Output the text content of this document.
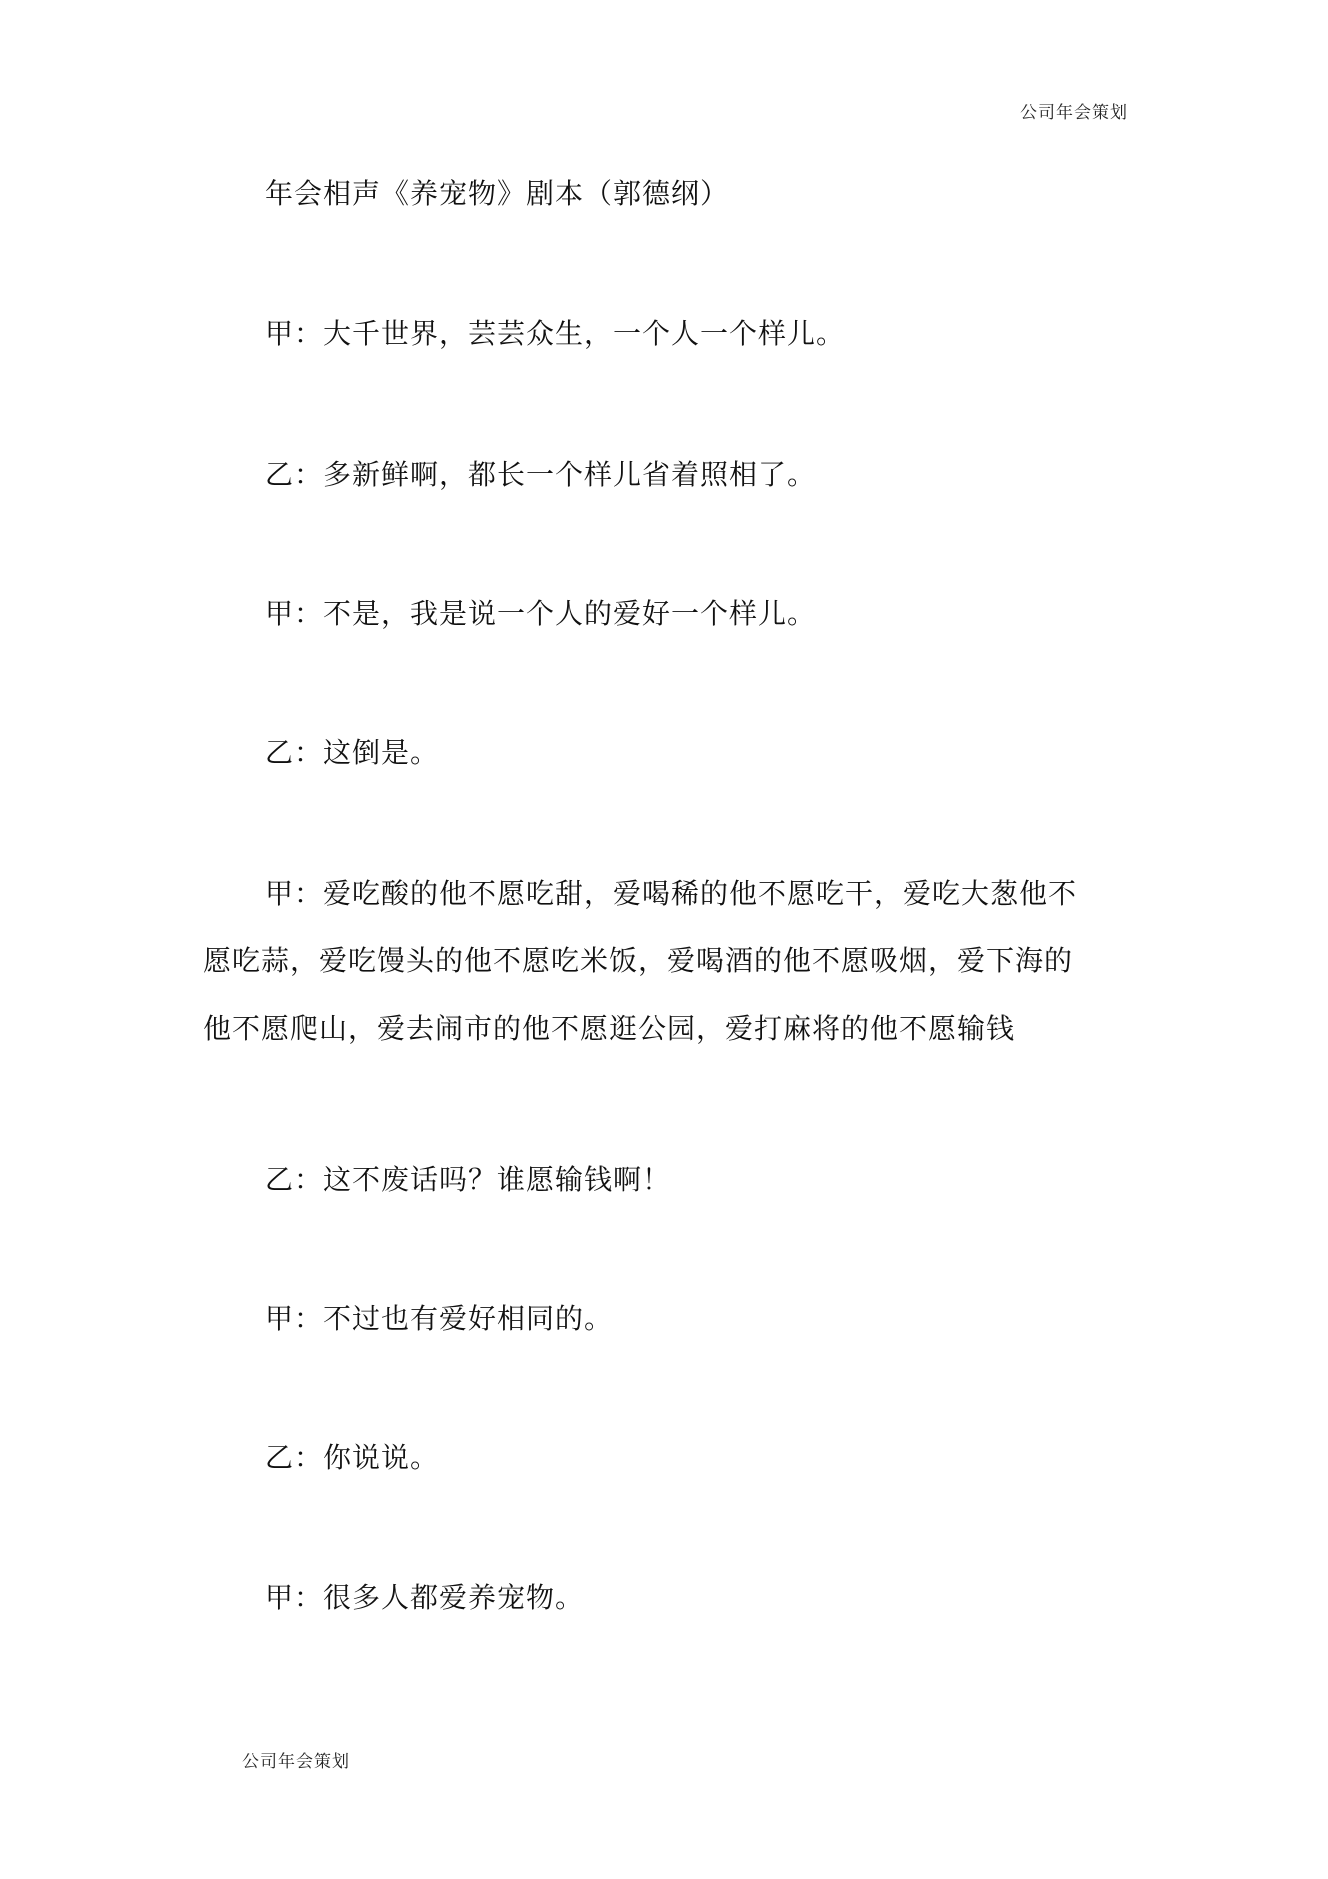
公司年会策划
年会相声《养宠物》剧本（郭德纲）
甲：大千世界，芸芸众生，一个人一个样儿。
乙：多新鲜啊，都长一个样儿省着照相了。
甲：不是，我是说一个人的爱好一个样儿。
乙：这倒是。
甲：爱吃酸的他不愿吃甜，爱喝稀的他不愿吃干，爱吃大葱他不
愿吃蒜，爱吃馒头的他不愿吃米饭，爱喝酒的他不愿吸烟，爱下海的
他不愿爬山，爱去闹市的他不愿逛公园，爱打麻将的他不愿输钱
乙：这不废话吗？谁愿输钱啊！
甲：不过也有爱好相同的。
乙：你说说。
甲：很多人都爱养宠物。
公司年会策划
